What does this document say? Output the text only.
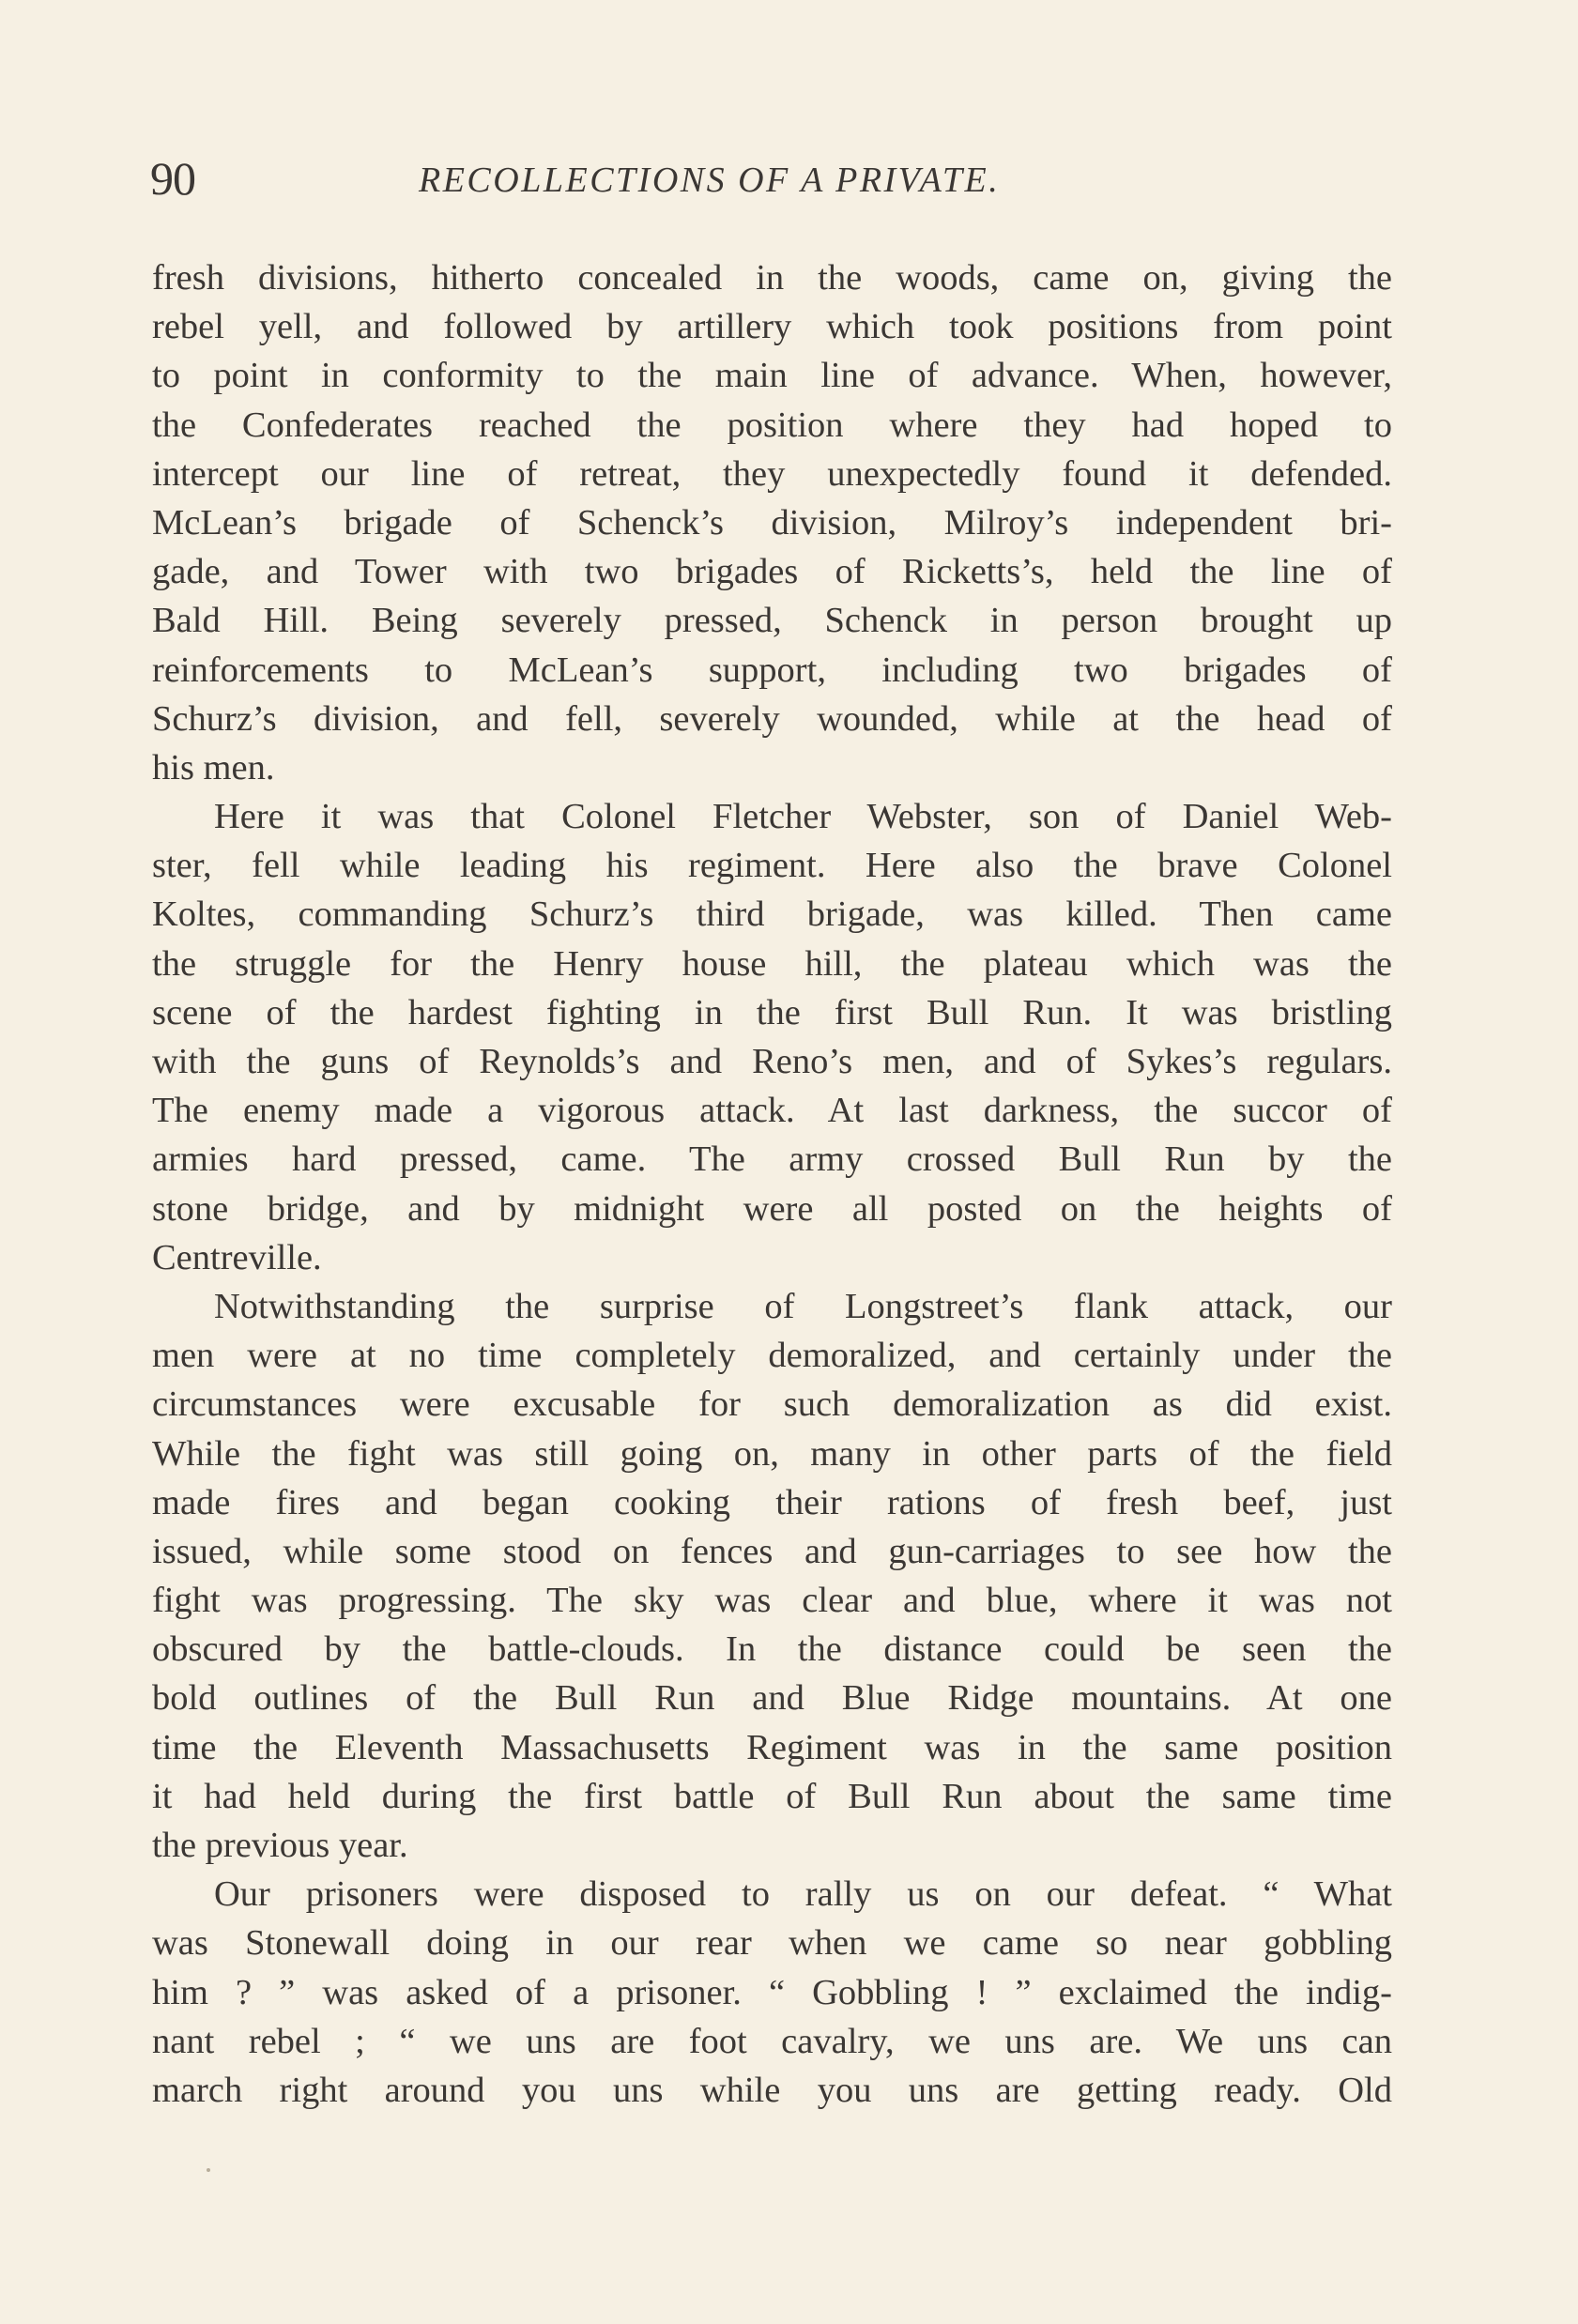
90	RECOLLECTIONS OF A PRIVATE.
fresh divisions, hitherto concealed in the woods, came on, giving the
rebel yell, and followed by artillery which took positions from point
to point in conformity to the main line of advance. When, however,
the Confederates reached the position where they had hoped to
intercept our line of retreat, they unexpectedly found it defended.
McLean’s brigade of Schenck’s division, Milroy’s independent bri-
gade, and Tower with two brigades of Ricketts’s, held the line of
Bald Hill. Being severely pressed, Schenck in person brought up
reinforcements to McLean’s support, including two brigades of
Schurz’s division, and fell, severely wounded, while at the head of
his men.
Here it was that Colonel Fletcher Webster, son of Daniel Web-
ster, fell while leading his regiment. Here also the brave Colonel
Koltes, commanding Schurz’s third brigade, was killed. Then came
the struggle for the Henry house hill, the plateau which was the
scene of the hardest fighting in the first Bull Run. It was bristling
with the guns of Reynolds’s and Reno’s men, and of Sykes’s regulars.
The enemy made a vigorous attack. At last darkness, the succor of
armies hard pressed, came. The army crossed Bull Run by the
stone bridge, and by midnight were all posted on the heights of
Centreville.
Notwithstanding the surprise of Longstreet’s flank attack, our
men were at no time completely demoralized, and certainly under the
circumstances were excusable for such demoralization as did exist.
While the fight was still going on, many in other parts of the field
made fires and began cooking their rations of fresh beef, just
issued, while some stood on fences and gun-carriages to see how the
fight was progressing. The sky was clear and blue, where it was not
obscured by the battle-clouds. In the distance could be seen the
bold outlines of the Bull Run and Blue Ridge mountains. At one
time the Eleventh Massachusetts Regiment was in the same position
it had held during the first battle of Bull Run about the same time
the previous year.
Our prisoners were disposed to rally us on our defeat. “ What
was Stonewall doing in our rear when we came so near gobbling
him ? ” was asked of a prisoner. “ Gobbling ! ” exclaimed the indig-
nant rebel ; “ we uns are foot cavalry, we uns are. We uns can
march right around you uns while you uns are getting ready. Old
